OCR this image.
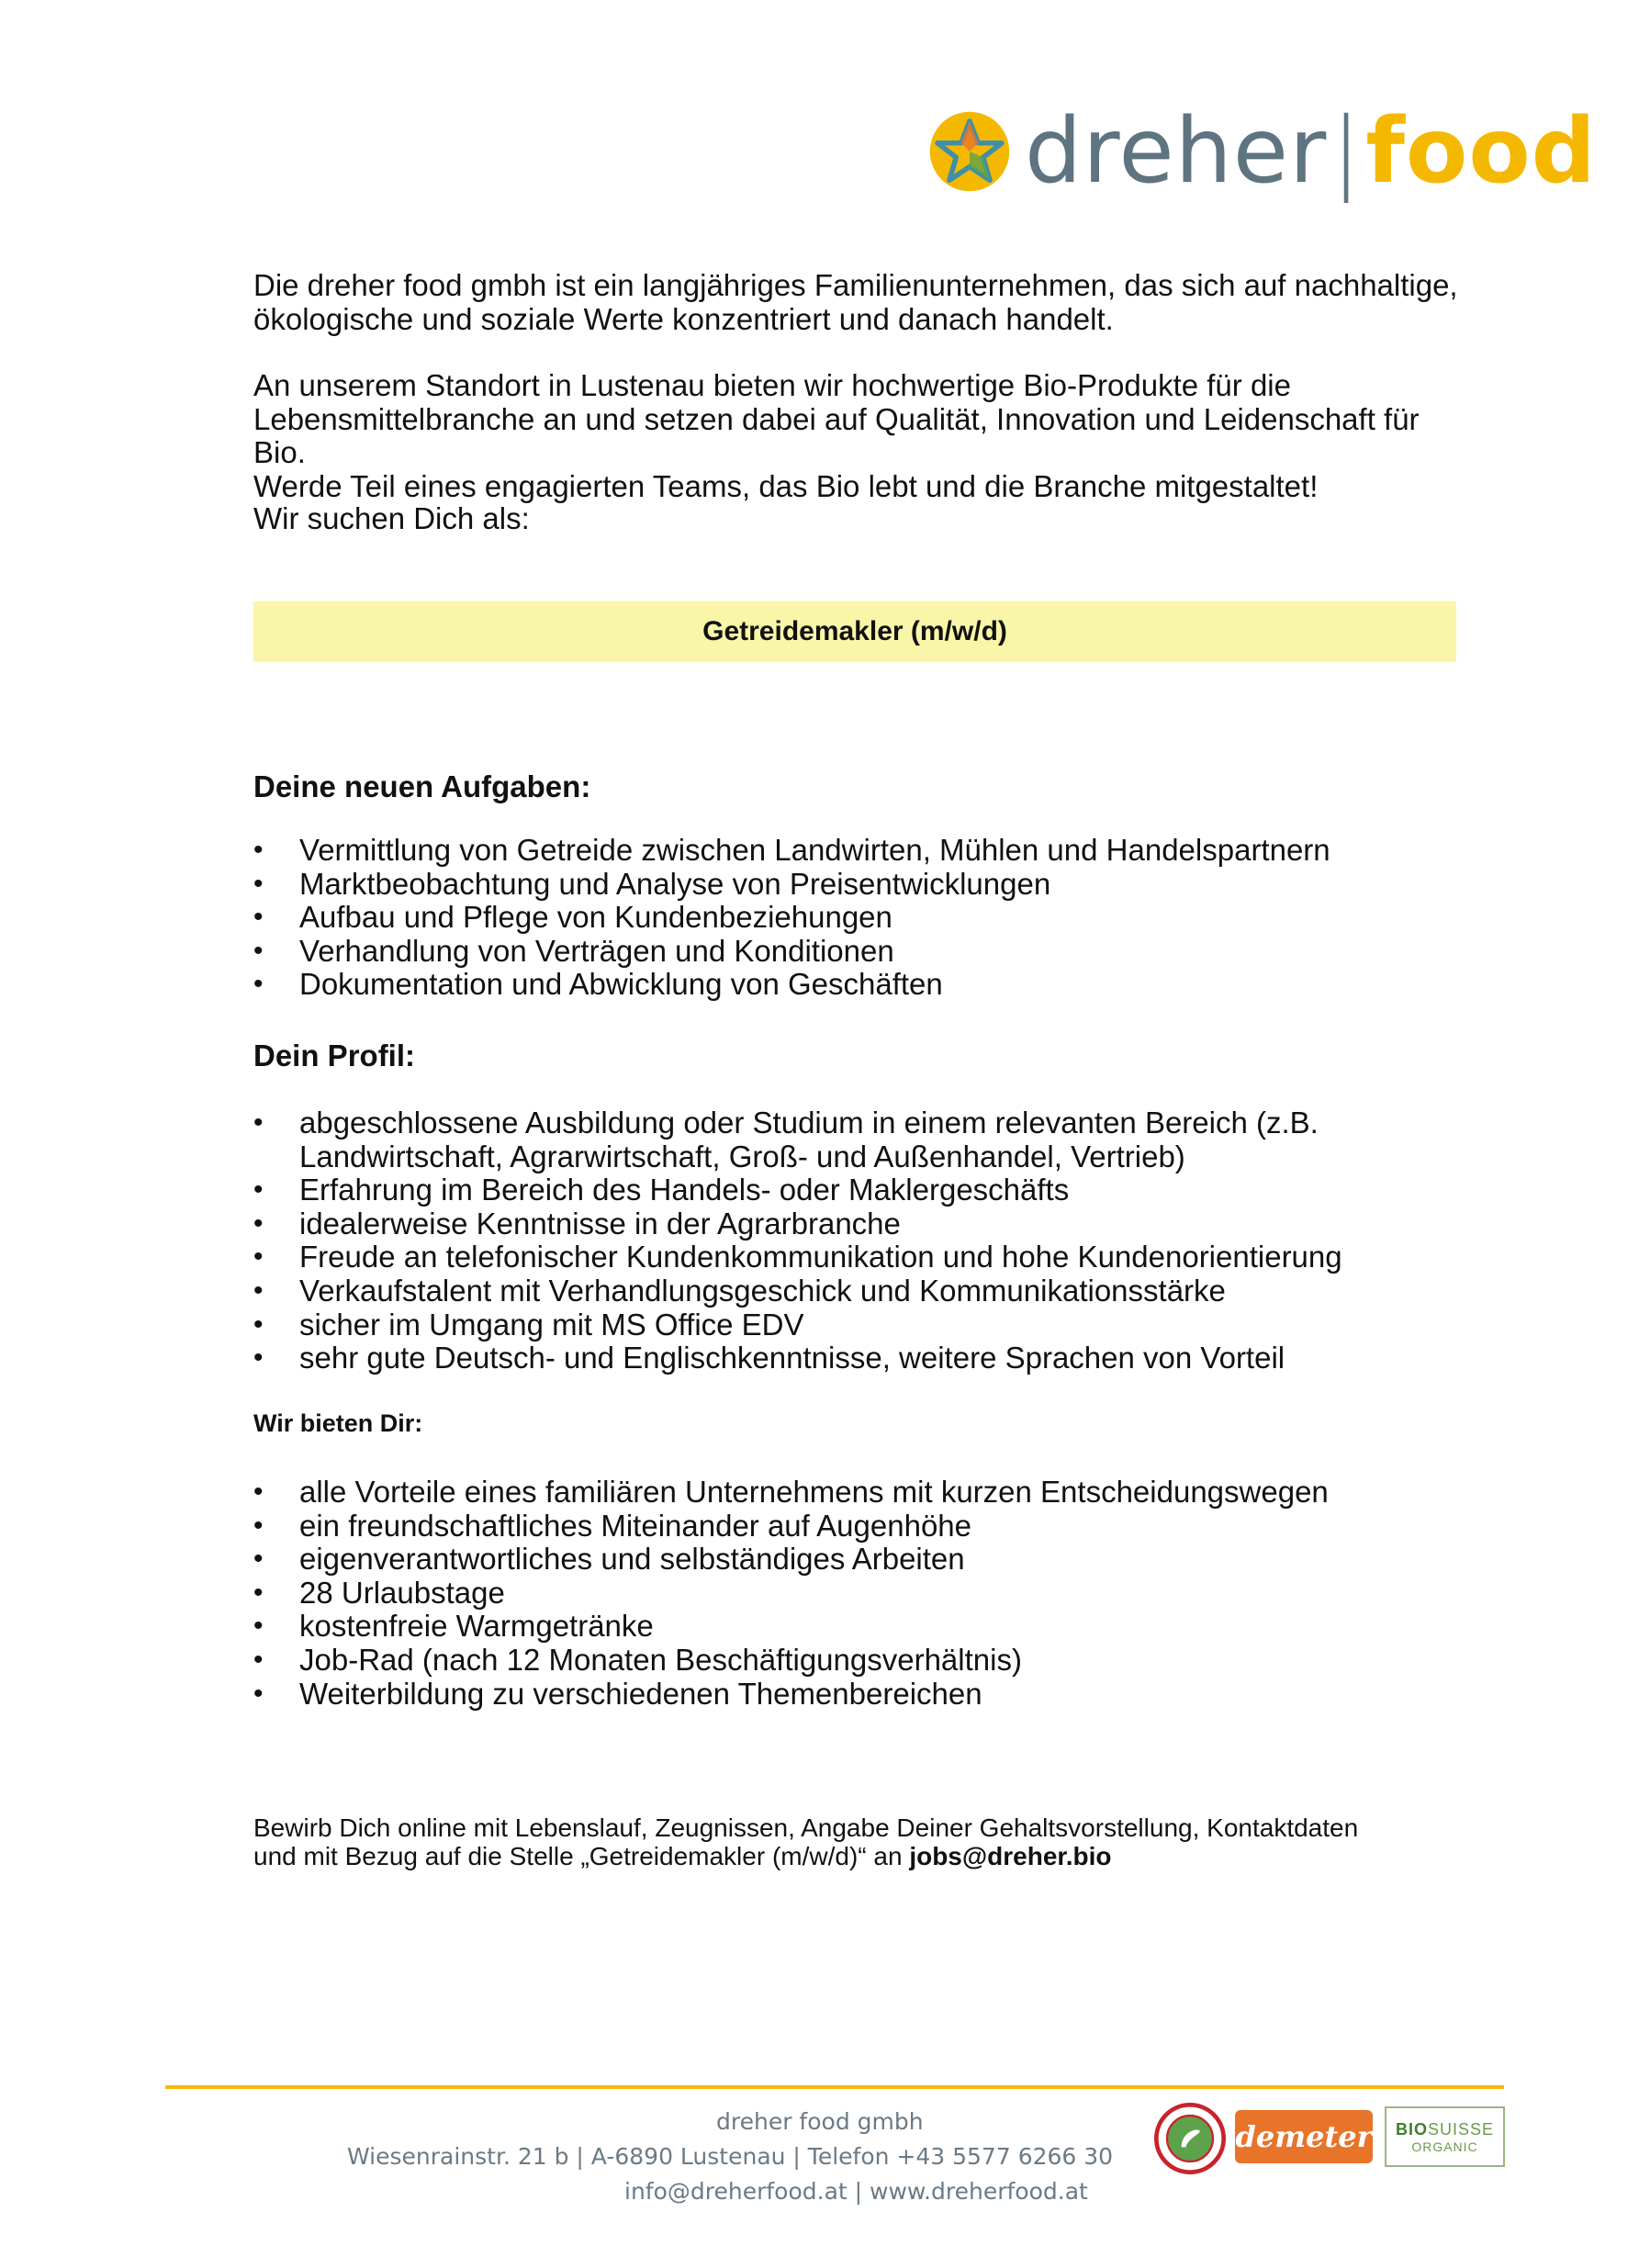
dreher|food
Die dreher food gmbh ist ein langjähriges Familienunternehmen, das sich auf nachhaltige,
ökologische und soziale Werte konzentriert und danach handelt.
An unserem Standort in Lustenau bieten wir hochwertige Bio-Produkte für die
Lebensmittelbranche an und setzen dabei auf Qualität, Innovation und Leidenschaft für Bio.
Werde Teil eines engagierten Teams, das Bio lebt und die Branche mitgestaltet!
Wir suchen Dich als:
Getreidemakler (m/w/d)
Deine neuen Aufgaben:
• Vermittlung von Getreide zwischen Landwirten, Mühlen und Handelspartnern
• Marktbeobachtung und Analyse von Preisentwicklungen
• Aufbau und Pflege von Kundenbeziehungen
• Verhandlung von Verträgen und Konditionen
• Dokumentation und Abwicklung von Geschäften
Dein Profil:
• abgeschlossene Ausbildung oder Studium in einem relevanten Bereich (z.B.
Landwirtschaft, Agrarwirtschaft, Groß- und Außenhandel, Vertrieb)
• Erfahrung im Bereich des Handels- oder Maklergeschäfts
• idealerweise Kenntnisse in der Agrarbranche
• Freude an telefonischer Kundenkommunikation und hohe Kundenorientierung
• Verkaufstalent mit Verhandlungsgeschick und Kommunikationsstärke
• sicher im Umgang mit MS Office EDV
• sehr gute Deutsch- und Englischkenntnisse, weitere Sprachen von Vorteil
Wir bieten Dir:
• alle Vorteile eines familiären Unternehmens mit kurzen Entscheidungswegen
• ein freundschaftliches Miteinander auf Augenhöhe
• eigenverantwortliches und selbständiges Arbeiten
• 28 Urlaubstage
• kostenfreie Warmgetränke
• Job-Rad (nach 12 Monaten Beschäftigungsverhältnis)
• Weiterbildung zu verschiedenen Themenbereichen
Bewirb Dich online mit Lebenslauf, Zeugnissen, Angabe Deiner Gehaltsvorstellung, Kontaktdaten
und mit Bezug auf die Stelle „Getreidemakler (m/w/d)“ an jobs@dreher.bio
dreher food gmbh
Wiesenrainstr. 21 b | A-6890 Lustenau | Telefon +43 5577 6266 30
info@dreherfood.at | www.dreherfood.at
demeter BIOSUISSE
ORGANIC
